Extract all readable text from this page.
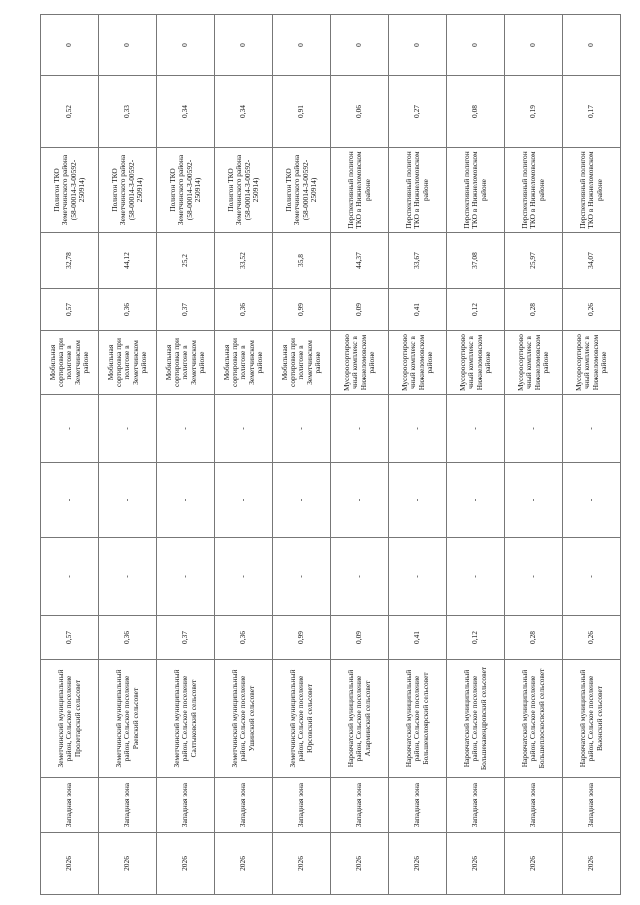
2026	Западная зона	Земетчинский муниципальный район, Сельское поселение Пролетарский сельсовет	0,57	-	-	-	Мобильная сортировка при полигоне в Земетчинском районе	0,57	32,78	Полигон ТКО Земетчинского района (58-00014-З-00592-250914)	0,52	0
2026	Западная зона	Земетчинский муниципальный район, Сельское поселение Раевский сельсовет	0,36	-	-	-	Мобильная сортировка при полигоне в Земетчинском районе	0,36	44,12	Полигон ТКО Земетчинского района (58-00014-З-00592-250914)	0,33	0
2026	Западная зона	Земетчинский муниципальный район, Сельское поселение Салтыковский сельсовет	0,37	-	-	-	Мобильная сортировка при полигоне в Земетчинском районе	0,37	25,2	Полигон ТКО Земетчинского района (58-00014-З-00592-250914)	0,34	0
2026	Западная зона	Земетчинский муниципальный район, Сельское поселение Ушинский сельсовет	0,36	-	-	-	Мобильная сортировка при полигоне в Земетчинском районе	0,36	33,52	Полигон ТКО Земетчинского района (58-00014-З-00592-250914)	0,34	0
2026	Западная зона	Земетчинский муниципальный район, Сельское поселение Юрсовский сельсовет	0,99	-	-	-	Мобильная сортировка при полигоне в Земетчинском районе	0,99	35,8	Полигон ТКО Земетчинского района (58-00014-З-00592-250914)	0,91	0
2026	Западная зона	Наровчатский муниципальный район, Сельское поселение Аларминский сельсовет	0,09	-	-	-	Мусоросортировочный комплекс в Нижнеломовском районе	0,09	44,37	Перспективный полигон ТКО в Нижнеломовском районе	0,06	0
2026	Западная зона	Наровчатский муниципальный район, Сельское поселение Большеколоярский сельсовет	0,41	-	-	-	Мусоросортировочный комплекс в Нижнеломовском районе	0,41	33,67	Перспективный полигон ТКО в Нижнеломовском районе	0,27	0
2026	Западная зона	Наровчатский муниципальный район, Сельское поселение Большекавендровский сельсовет	0,12	-	-	-	Мусоросортировочный комплекс в Нижнеломовском районе	0,12	37,08	Перспективный полигон ТКО в Нижнеломовском районе	0,08	0
2026	Западная зона	Наровчатский муниципальный район, Сельское поселение Большеплоскосвский сельсовет	0,28	-	-	-	Мусоросортировочный комплекс в Нижнеломовском районе	0,28	25,97	Перспективный полигон ТКО в Нижнеломовском районе	0,19	0
2026	Западная зона	Наровчатский муниципальный район, Сельское поселение Вьюнский сельсовет	0,26	-	-	-	Мусоросортировочный комплекс в Нижнеломовском районе	0,26	34,07	Перспективный полигон ТКО в Нижнеломовском районе	0,17	0
